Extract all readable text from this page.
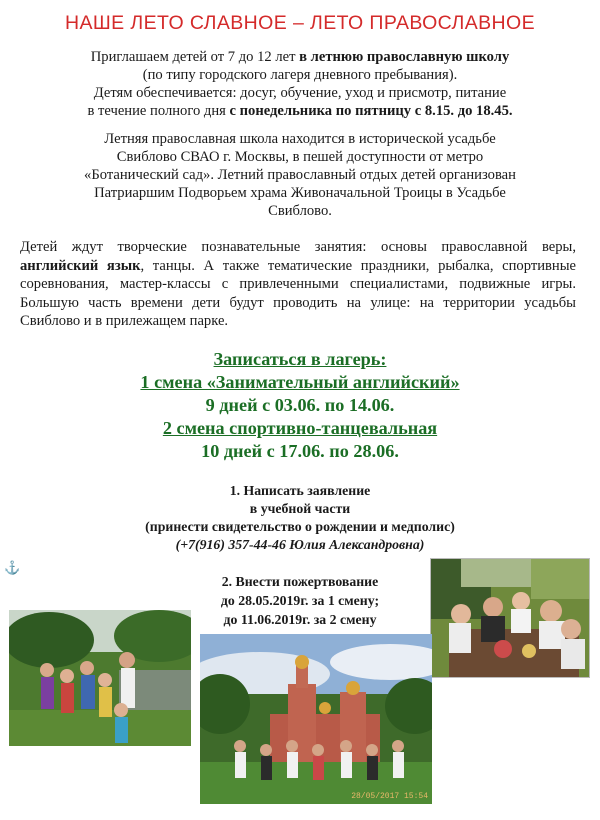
НАШЕ ЛЕТО СЛАВНОЕ – ЛЕТО ПРАВОСЛАВНОЕ
Приглашаем детей от 7 до 12 лет в летнюю православную школу
(по типу городского лагеря дневного пребывания).
Детям обеспечивается: досуг, обучение, уход и присмотр, питание
в течение полного дня с понедельника по пятницу с 8.15. до 18.45.
Летняя православная школа находится в исторической усадьбе
Свиблово СВАО г. Москвы, в пешей доступности от метро
«Ботанический сад». Летний православный отдых детей организован
Патриаршим Подворьем храма Живоначальной Троицы в Усадьбе
Свиблово.
Детей ждут творческие познавательные занятия: основы православной веры, английский язык, танцы. А также тематические праздники, рыбалка, спортивные соревнования, мастер-классы с привлеченными специалистами, подвижные игры. Большую часть времени дети будут проводить на улице: на территории усадьбы Свиблово и в прилежащем парке.
Записаться в лагерь:
1 смена «Занимательный английский»
9 дней с 03.06. по 14.06.
2 смена спортивно-танцевальная
10 дней с 17.06. по 28.06.
1. Написать заявление
в учебной части
(принести свидетельство о рождении и медполис)
(+7(916) 357-44-46 Юлия Александровна)
⚓
2. Внести пожертвование
до 28.05.2019г. за 1 смену;
до 11.06.2019г. за 2 смену
28/05/2017 15:54
